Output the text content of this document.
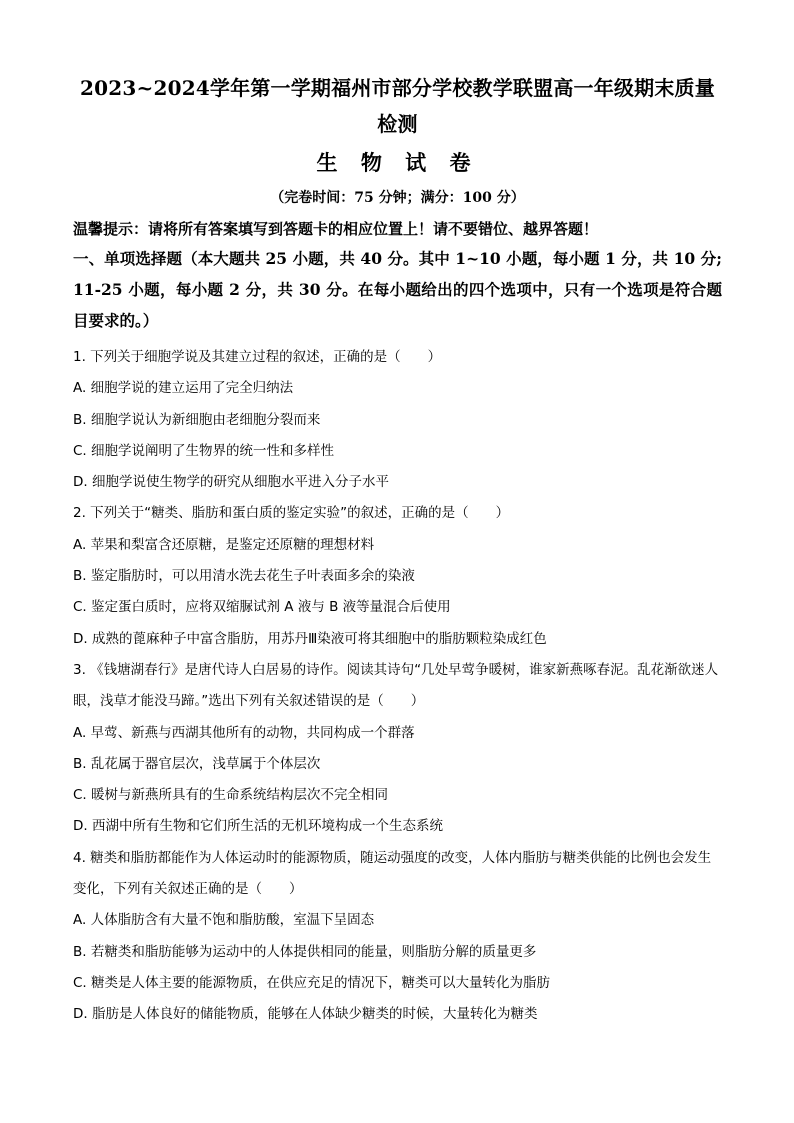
2023~2024学年第一学期福州市部分学校教学联盟高一年级期末质量检测
生 物 试 卷
（完卷时间：75 分钟；满分：100 分）
温馨提示：请将所有答案填写到答题卡的相应位置上！请不要错位、越界答题！
一、单项选择题（本大题共 25 小题，共 40 分。其中 1~10 小题，每小题 1 分，共 10 分; 11-25 小题，每小题 2 分，共 30 分。在每小题给出的四个选项中，只有一个选项是符合题目要求的。）
1. 下列关于细胞学说及其建立过程的叙述，正确的是（　　）
A. 细胞学说的建立运用了完全归纳法
B. 细胞学说认为新细胞由老细胞分裂而来
C. 细胞学说阐明了生物界的统一性和多样性
D. 细胞学说使生物学的研究从细胞水平进入分子水平
2. 下列关于“糖类、脂肪和蛋白质的鉴定实验”的叙述，正确的是（　　）
A. 苹果和梨富含还原糖，是鉴定还原糖的理想材料
B. 鉴定脂肪时，可以用清水洗去花生子叶表面多余的染液
C. 鉴定蛋白质时，应将双缩脲试剂 A 液与 B 液等量混合后使用
D. 成熟的蓖麻种子中富含脂肪，用苏丹Ⅲ染液可将其细胞中的脂肪颗粒染成红色
3. 《钱塘湖春行》是唐代诗人白居易的诗作。阅读其诗句“几处早莺争暖树，谁家新燕啄春泥。乱花渐欲迷人眼，浅草才能没马蹄。”选出下列有关叙述错误的是（　　）
A. 早莺、新燕与西湖其他所有的动物，共同构成一个群落
B. 乱花属于器官层次，浅草属于个体层次
C. 暖树与新燕所具有的生命系统结构层次不完全相同
D. 西湖中所有生物和它们所生活的无机环境构成一个生态系统
4. 糖类和脂肪都能作为人体运动时的能源物质，随运动强度的改变，人体内脂肪与糖类供能的比例也会发生变化，下列有关叙述正确的是（　　）
A. 人体脂肪含有大量不饱和脂肪酸，室温下呈固态
B. 若糖类和脂肪能够为运动中的人体提供相同的能量，则脂肪分解的质量更多
C. 糖类是人体主要的能源物质，在供应充足的情况下，糖类可以大量转化为脂肪
D. 脂肪是人体良好的储能物质，能够在人体缺少糖类的时候，大量转化为糖类
